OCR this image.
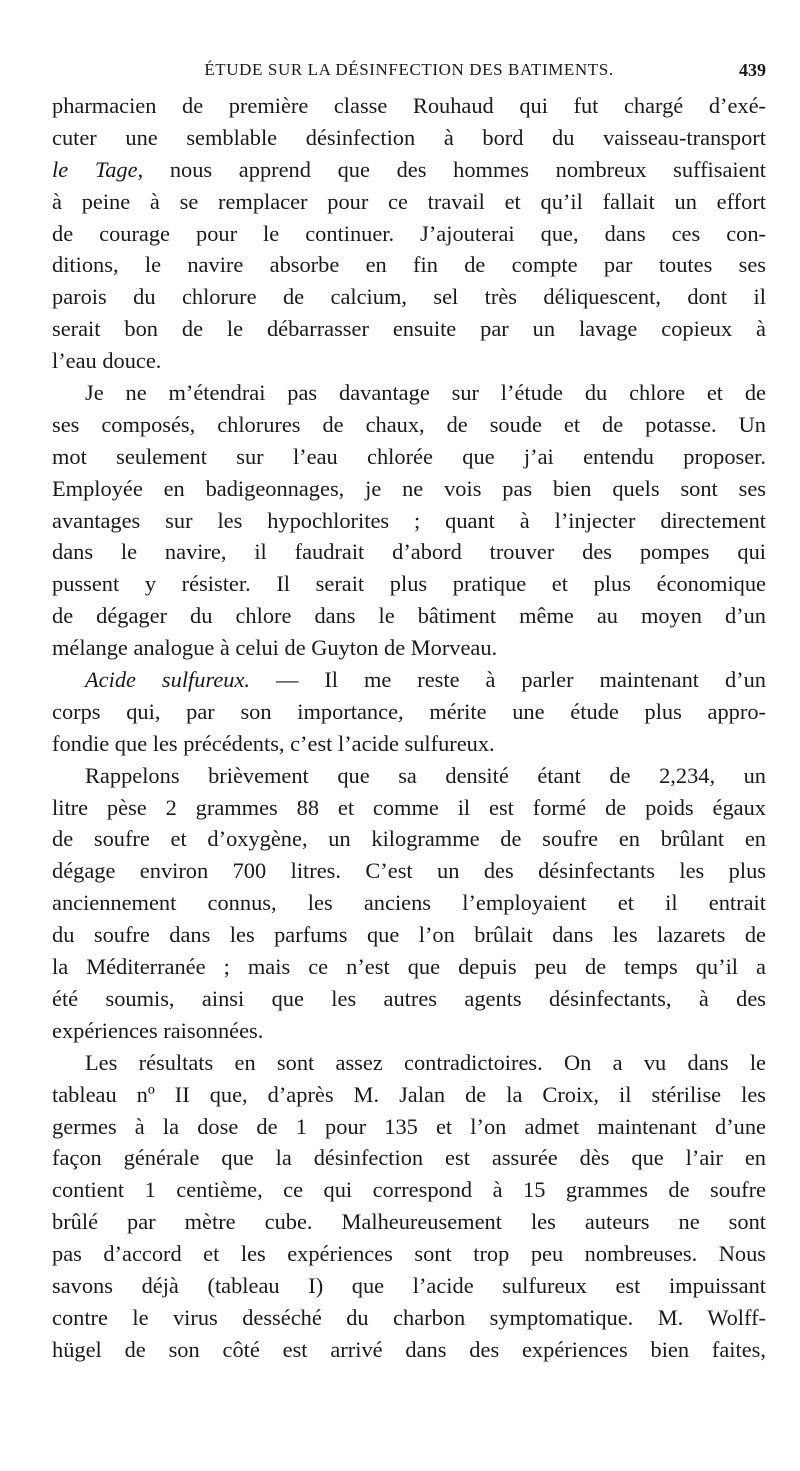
ÉTUDE SUR LA DÉSINFECTION DES BATIMENTS.	439
pharmacien de première classe Rouhaud qui fut chargé d’exé-
cuter une semblable désinfection à bord du vaisseau-transport
le Tage, nous apprend que des hommes nombreux suffisaient
à peine à se remplacer pour ce travail et qu’il fallait un effort
de courage pour le continuer. J’ajouterai que, dans ces con-
ditions, le navire absorbe en fin de compte par toutes ses
parois du chlorure de calcium, sel très déliquescent, dont il
serait bon de le débarrasser ensuite par un lavage copieux à
l’eau douce.
Je ne m’étendrai pas davantage sur l’étude du chlore et de
ses composés, chlorures de chaux, de soude et de potasse. Un
mot seulement sur l’eau chlorée que j’ai entendu proposer.
Employée en badigeonnages, je ne vois pas bien quels sont ses
avantages sur les hypochlorites ; quant à l’injecter directement
dans le navire, il faudrait d’abord trouver des pompes qui
pussent y résister. Il serait plus pratique et plus économique
de dégager du chlore dans le bâtiment même au moyen d’un
mélange analogue à celui de Guyton de Morveau.
Acide sulfureux. — Il me reste à parler maintenant d’un
corps qui, par son importance, mérite une étude plus appro-
fondie que les précédents, c’est l’acide sulfureux.
Rappelons brièvement que sa densité étant de 2,234, un
litre pèse 2 grammes 88 et comme il est formé de poids égaux
de soufre et d’oxygène, un kilogramme de soufre en brûlant en
dégage environ 700 litres. C’est un des désinfectants les plus
anciennement connus, les anciens l’employaient et il entrait
du soufre dans les parfums que l’on brûlait dans les lazarets de
la Méditerranée ; mais ce n’est que depuis peu de temps qu’il a
été soumis, ainsi que les autres agents désinfectants, à des
expériences raisonnées.
Les résultats en sont assez contradictoires. On a vu dans le
tableau nº II que, d’après M. Jalan de la Croix, il stérilise les
germes à la dose de 1 pour 135 et l’on admet maintenant d’une
façon générale que la désinfection est assurée dès que l’air en
contient 1 centième, ce qui correspond à 15 grammes de soufre
brûlé par mètre cube. Malheureusement les auteurs ne sont
pas d’accord et les expériences sont trop peu nombreuses. Nous
savons déjà (tableau I) que l’acide sulfureux est impuissant
contre le virus desséché du charbon symptomatique. M. Wolff-
hügel de son côté est arrivé dans des expériences bien faites,
